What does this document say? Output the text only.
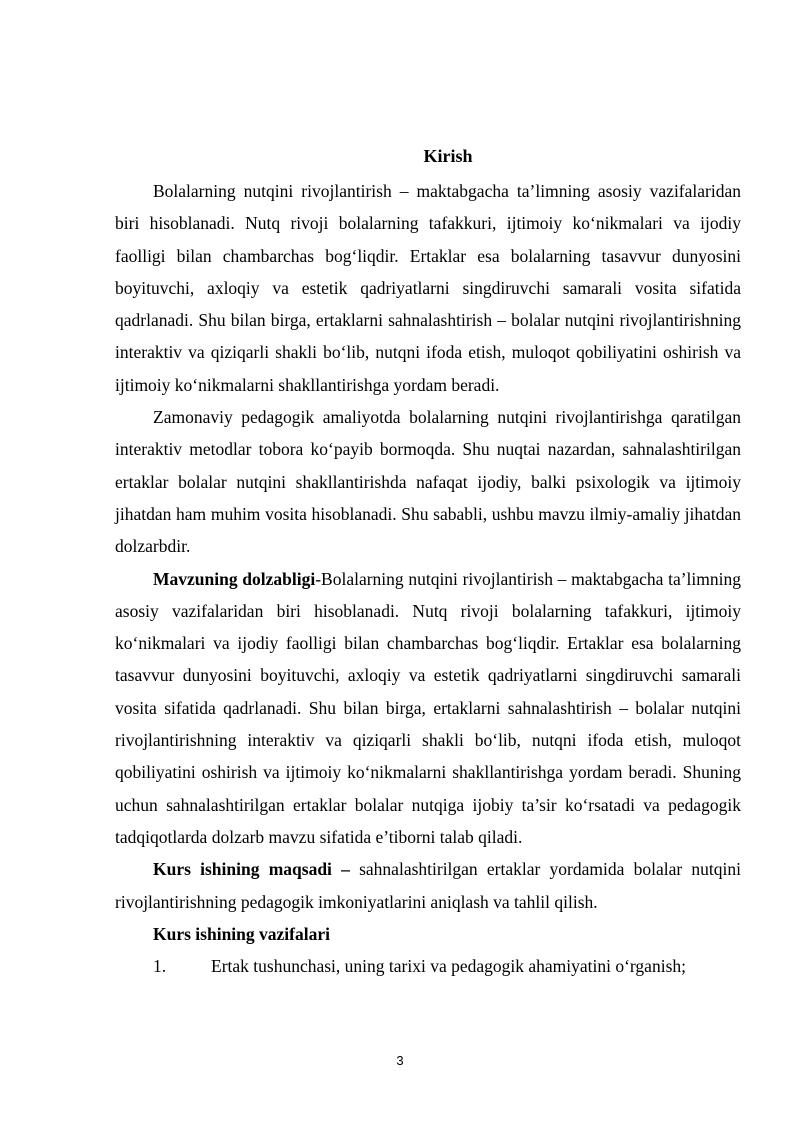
Kirish

Bolalarning nutqini rivojlantirish – maktabgacha ta’limning asosiy vazifalaridan biri hisoblanadi. Nutq rivoji bolalarning tafakkuri, ijtimoiy ko‘nikmalari va ijodiy faolligi bilan chambarchas bog‘liqdir. Ertaklar esa bolalarning tasavvur dunyosini boyituvchi, axloqiy va estetik qadriyatlarni singdiruvchi samarali vosita sifatida qadrlanadi. Shu bilan birga, ertaklarni sahnalashtirish – bolalar nutqini rivojlantirishning interaktiv va qiziqarli shakli bo‘lib, nutqni ifoda etish, muloqot qobiliyatini oshirish va ijtimoiy ko‘nikmalarni shakllantirishga yordam beradi.

Zamonaviy pedagogik amaliyotda bolalarning nutqini rivojlantirishga qaratilgan interaktiv metodlar tobora ko‘payib bormoqda. Shu nuqtai nazardan, sahnalashtirilgan ertaklar bolalar nutqini shakllantirishda nafaqat ijodiy, balki psixologik va ijtimoiy jihatdan ham muhim vosita hisoblanadi. Shu sababli, ushbu mavzu ilmiy-amaliy jihatdan dolzarbdir.

Mavzuning dolzabligi-Bolalarning nutqini rivojlantirish – maktabgacha ta’limning asosiy vazifalaridan biri hisoblanadi. Nutq rivoji bolalarning tafakkuri, ijtimoiy ko‘nikmalari va ijodiy faolligi bilan chambarchas bog‘liqdir. Ertaklar esa bolalarning tasavvur dunyosini boyituvchi, axloqiy va estetik qadriyatlarni singdiruvchi samarali vosita sifatida qadrlanadi. Shu bilan birga, ertaklarni sahnalashtirish – bolalar nutqini rivojlantirishning interaktiv va qiziqarli shakli bo‘lib, nutqni ifoda etish, muloqot qobiliyatini oshirish va ijtimoiy ko‘nikmalarni shakllantirishga yordam beradi. Shuning uchun sahnalashtirilgan ertaklar bolalar nutqiga ijobiy ta’sir ko‘rsatadi va pedagogik tadqiqotlarda dolzarb mavzu sifatida e’tiborni talab qiladi.

Kurs ishining maqsadi – sahnalashtirilgan ertaklar yordamida bolalar nutqini rivojlantirishning pedagogik imkoniyatlarini aniqlash va tahlil qilish.

Kurs ishining vazifalari

1.	Ertak tushunchasi, uning tarixi va pedagogik ahamiyatini o‘rganish;

3
